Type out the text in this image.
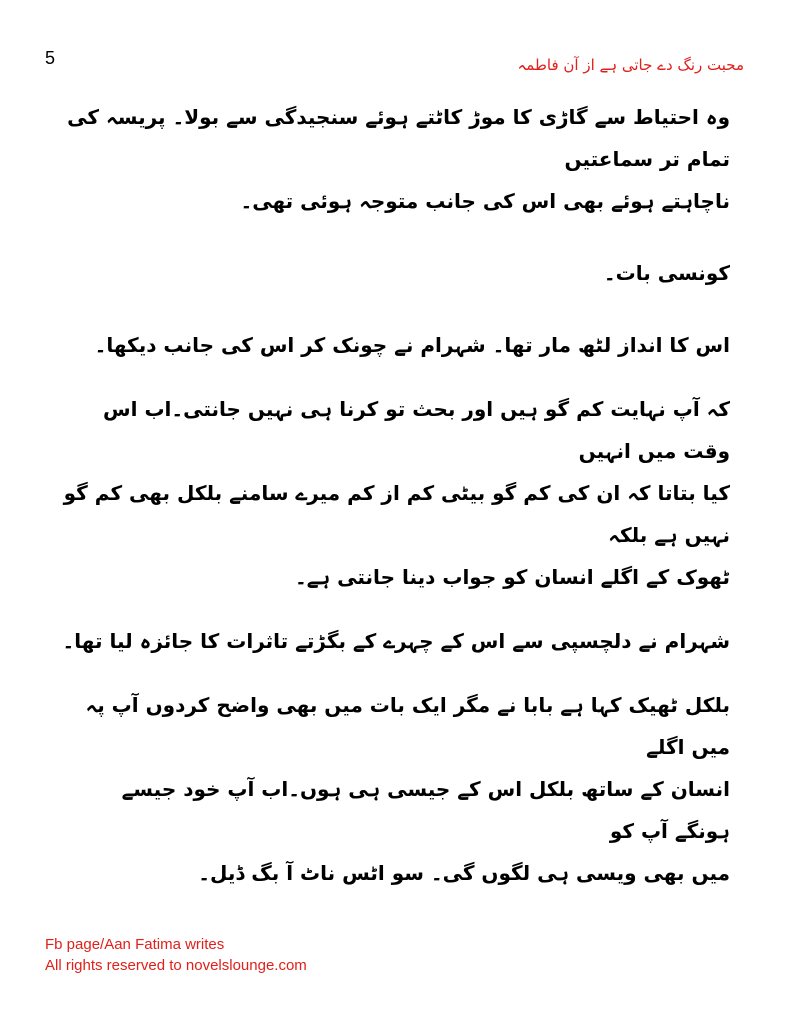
5	محبت رنگ دے جاتی ہے از آن فاطمہ

وہ احتیاط سے گاڑی کا موڑ کاٹتے ہوئے سنجیدگی سے بولا۔ پریسہ کی تمام تر سماعتیں
ناچاہتے ہوئے بھی اس کی جانب متوجہ ہوئی تھی۔

کونسی بات۔

اس کا انداز لٹھ مار تھا۔ شہرام نے چونک کر اس کی جانب دیکھا۔

کہ آپ نہایت کم گو ہیں اور بحث تو کرنا ہی نہیں جانتی۔اب اس وقت میں انہیں
کیا بتاتا کہ ان کی کم گو بیٹی کم از کم میرے سامنے بلکل بھی کم گو نہیں ہے بلکہ
ٹھوک کے اگلے انسان کو جواب دینا جانتی ہے۔

شہرام نے دلچسپی سے اس کے چہرے کے بگڑتے تاثرات کا جائزہ لیا تھا۔

بلکل ٹھیک کہا ہے بابا نے مگر ایک بات میں بھی واضح کردوں آپ پہ میں اگلے
انسان کے ساتھ بلکل اس کے جیسی ہی ہوں۔اب آپ خود جیسے ہونگے آپ کو
میں بھی ویسی ہی لگوں گی۔ سو اٹس ناٹ آ بگ ڈیل۔

Fb page/Aan Fatima writes
All rights reserved to novelslounge.com
